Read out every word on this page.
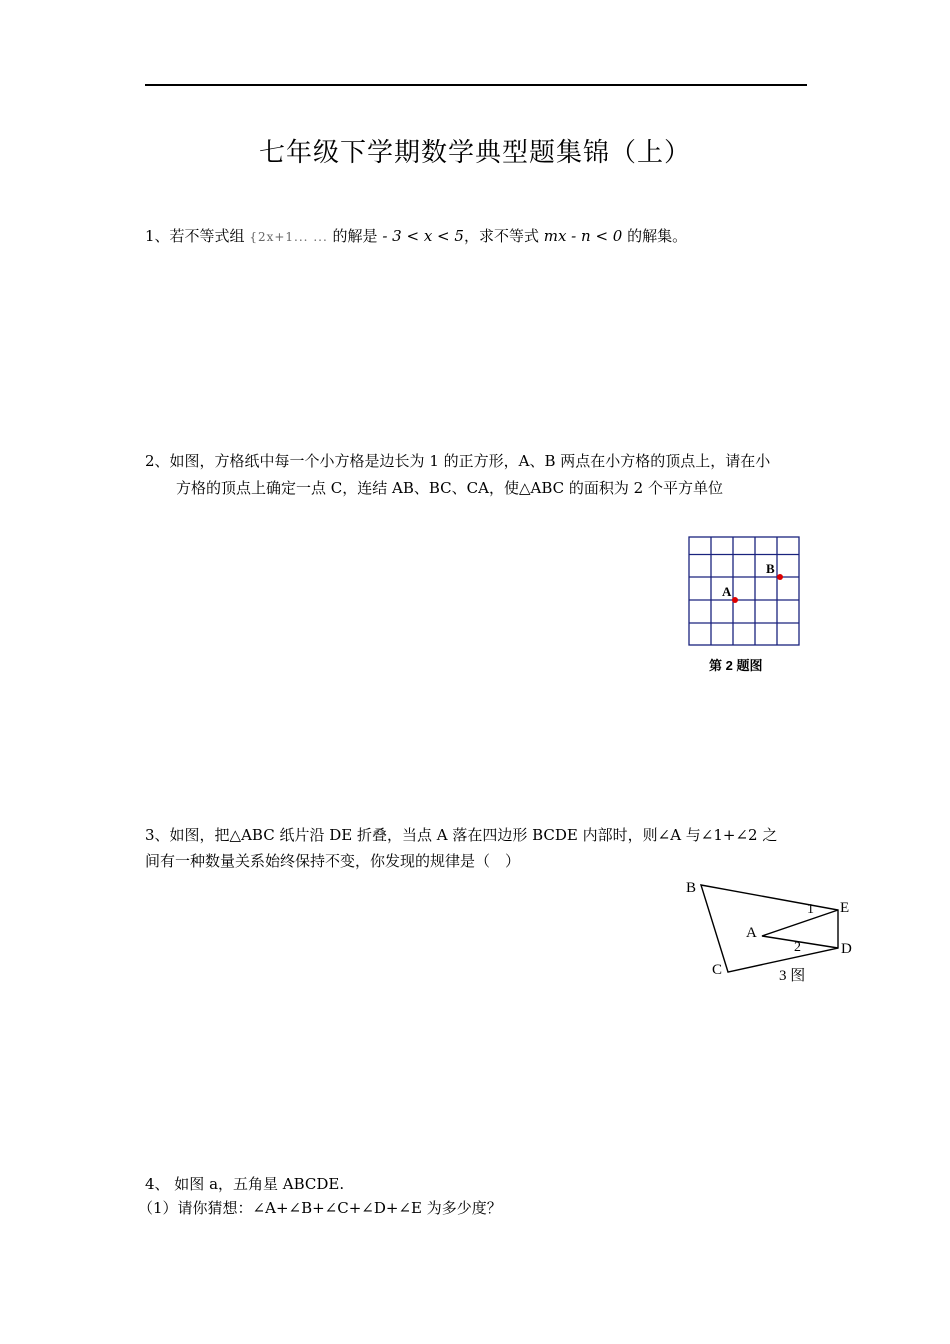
七年级下学期数学典型题集锦（上）
1、若不等式组 {2x+1... ... 的解是 - 3 < x < 5，求不等式 mx - n < 0 的解集。
2、如图，方格纸中每一个小方格是边长为 1 的正方形，A、B 两点在小方格的顶点上，请在小
方格的顶点上确定一点 C，连结 AB、BC、CA，使△ABC 的面积为 2 个平方单位
A
B
第 2 题图
3、如图，把△ABC 纸片沿 DE 折叠，当点 A 落在四边形 BCDE 内部时，则∠A 与∠1+∠2 之
间有一种数量关系始终保持不变，你发现的规律是（　）
B
E
A
D
C
1
2
3 图
4、 如图 a，五角星 ABCDE.
（1）请你猜想：∠A+∠B+∠C+∠D+∠E 为多少度？
